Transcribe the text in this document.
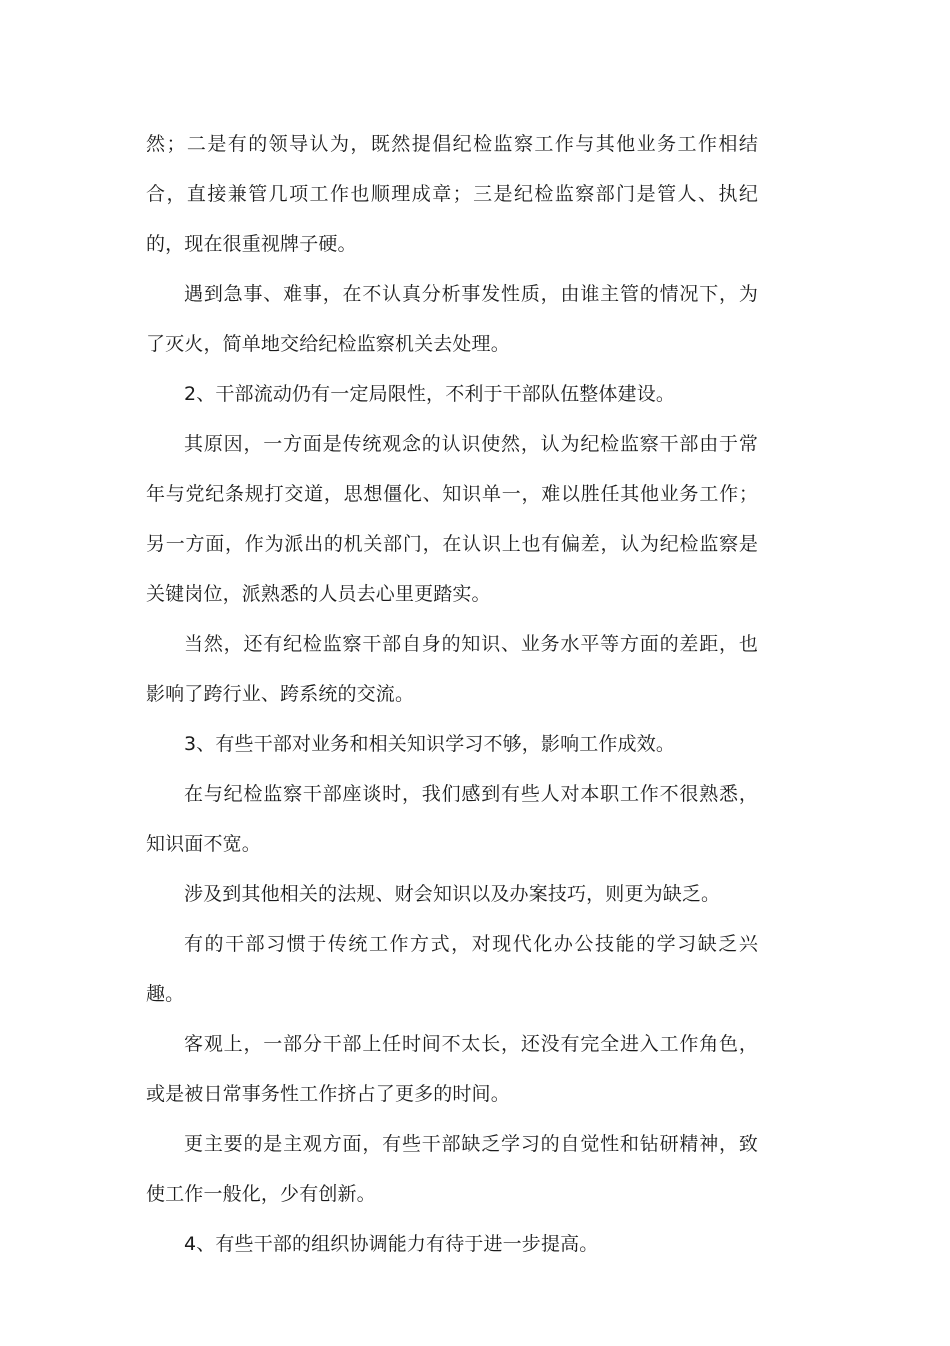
然；二是有的领导认为，既然提倡纪检监察工作与其他业务工作相结合，直接兼管几项工作也顺理成章；三是纪检监察部门是管人、执纪的，现在很重视牌子硬。

遇到急事、难事，在不认真分析事发性质，由谁主管的情况下，为了灭火，简单地交给纪检监察机关去处理。

2、干部流动仍有一定局限性，不利于干部队伍整体建设。

其原因，一方面是传统观念的认识使然，认为纪检监察干部由于常年与党纪条规打交道，思想僵化、知识单一，难以胜任其他业务工作；另一方面，作为派出的机关部门，在认识上也有偏差，认为纪检监察是关键岗位，派熟悉的人员去心里更踏实。

当然，还有纪检监察干部自身的知识、业务水平等方面的差距，也影响了跨行业、跨系统的交流。

3、有些干部对业务和相关知识学习不够，影响工作成效。

在与纪检监察干部座谈时，我们感到有些人对本职工作不很熟悉，知识面不宽。

涉及到其他相关的法规、财会知识以及办案技巧，则更为缺乏。

有的干部习惯于传统工作方式，对现代化办公技能的学习缺乏兴趣。

客观上，一部分干部上任时间不太长，还没有完全进入工作角色，或是被日常事务性工作挤占了更多的时间。

更主要的是主观方面，有些干部缺乏学习的自觉性和钻研精神，致使工作一般化，少有创新。

4、有些干部的组织协调能力有待于进一步提高。
